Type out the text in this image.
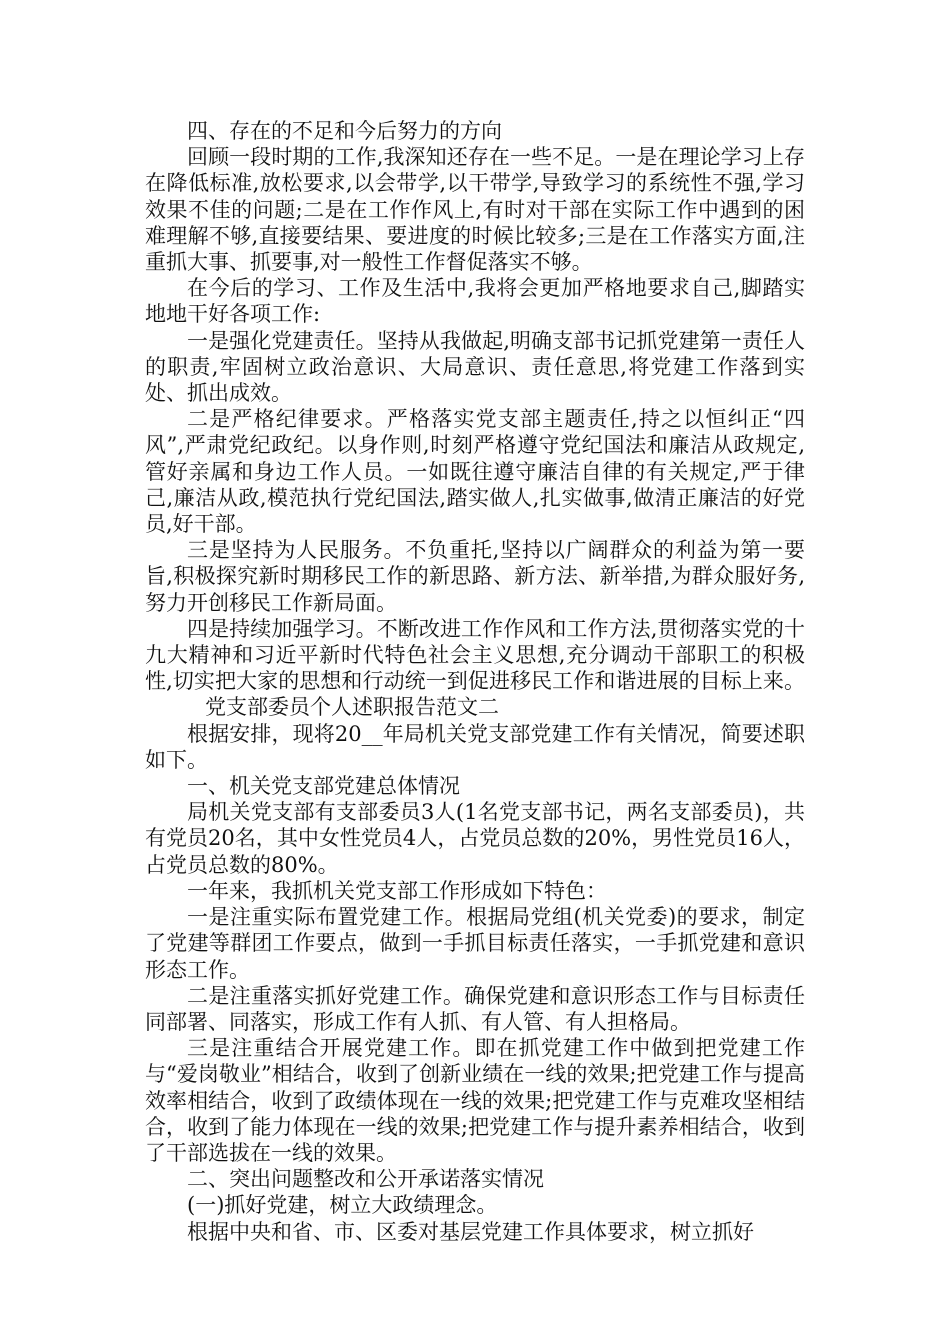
四、存在的不足和今后努力的方向

回顾一段时期的工作,我深知还存在一些不足。一是在理论学习上存在降低标准,放松要求,以会带学,以干带学,导致学习的系统性不强,学习效果不佳的问题;二是在工作作风上,有时对干部在实际工作中遇到的困难理解不够,直接要结果、要进度的时候比较多;三是在工作落实方面,注重抓大事、抓要事,对一般性工作督促落实不够。

在今后的学习、工作及生活中,我将会更加严格地要求自己,脚踏实地地干好各项工作:

一是强化党建责任。坚持从我做起,明确支部书记抓党建第一责任人的职责,牢固树立政治意识、大局意识、责任意思,将党建工作落到实处、抓出成效。

二是严格纪律要求。严格落实党支部主题责任,持之以恒纠正“四风”,严肃党纪政纪。以身作则,时刻严格遵守党纪国法和廉洁从政规定,管好亲属和身边工作人员。一如既往遵守廉洁自律的有关规定,严于律己,廉洁从政,模范执行党纪国法,踏实做人,扎实做事,做清正廉洁的好党员,好干部。

三是坚持为人民服务。不负重托,坚持以广阔群众的利益为第一要旨,积极探究新时期移民工作的新思路、新方法、新举措,为群众服好务,努力开创移民工作新局面。

四是持续加强学习。不断改进工作作风和工作方法,贯彻落实党的十九大精神和习近平新时代特色社会主义思想,充分调动干部职工的积极性,切实把大家的思想和行动统一到促进移民工作和谐进展的目标上来。党支部委员个人述职报告范文二

根据安排，现将20__年局机关党支部党建工作有关情况，简要述职如下。

一、机关党支部党建总体情况

局机关党支部有支部委员3人(1名党支部书记，两名支部委员)，共有党员20名，其中女性党员4人，占党员总数的20%，男性党员16人，占党员总数的80%。

一年来，我抓机关党支部工作形成如下特色：

一是注重实际布置党建工作。根据局党组(机关党委)的要求，制定了党建等群团工作要点，做到一手抓目标责任落实，一手抓党建和意识形态工作。

二是注重落实抓好党建工作。确保党建和意识形态工作与目标责任同部署、同落实，形成工作有人抓、有人管、有人担格局。

三是注重结合开展党建工作。即在抓党建工作中做到把党建工作与“爱岗敬业”相结合，收到了创新业绩在一线的效果;把党建工作与提高效率相结合，收到了政绩体现在一线的效果;把党建工作与克难攻坚相结合，收到了能力体现在一线的效果;把党建工作与提升素养相结合，收到了干部选拔在一线的效果。

二、突出问题整改和公开承诺落实情况

(一)抓好党建，树立大政绩理念。

根据中央和省、市、区委对基层党建工作具体要求，树立抓好
